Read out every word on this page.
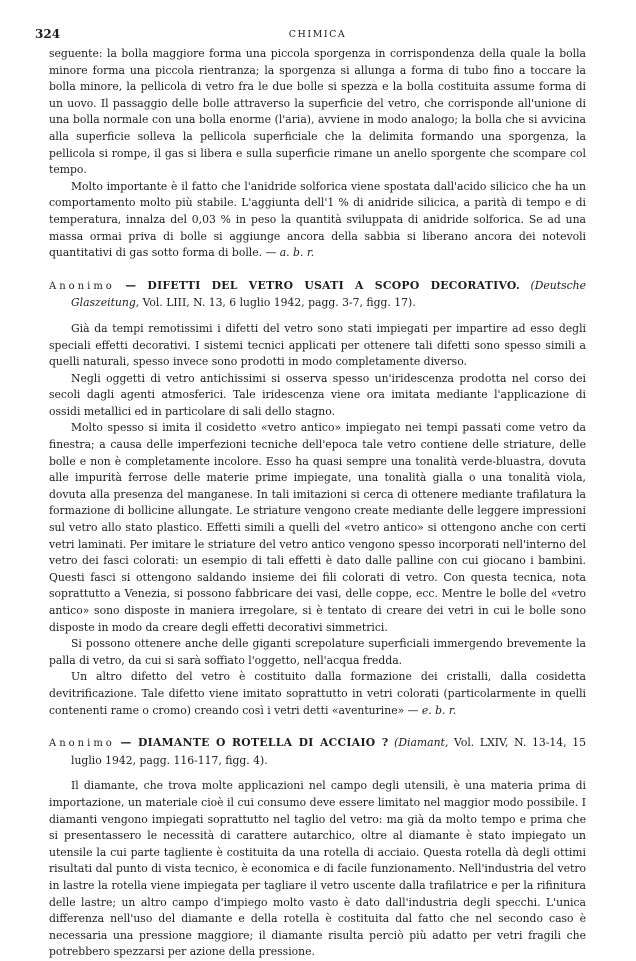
324	CHIMICA

seguente: la bolla maggiore forma una piccola sporgenza in corrispondenza della quale la bolla minore forma una piccola rientranza; la sporgenza si allunga a forma di tubo fino a toccare la bolla minore, la pellicola di vetro fra le due bolle si spezza e la bolla costituita assume forma di un uovo. Il passaggio delle bolle attraverso la superficie del vetro, che corrisponde all'unione di una bolla normale con una bolla enorme (l'aria), avviene in modo analogo; la bolla che si avvicina alla superficie solleva la pellicola superficiale che la delimita formando una sporgenza, la pellicola si rompe, il gas si libera e sulla superficie rimane un anello sporgente che scompare col tempo.

Molto importante è il fatto che l'anidride solforica viene spostata dall'acido silicico che ha un comportamento molto più stabile. L'aggiunta dell'1 % di anidride silicica, a parità di tempo e di temperatura, innalza del 0,03 % in peso la quantità sviluppata di anidride solforica. Se ad una massa ormai priva di bolle si aggiunge ancora della sabbia si liberano ancora dei notevoli quantitativi di gas sotto forma di bolle. — a. b. r.

Anonimo — DIFETTI DEL VETRO USATI A SCOPO DECORATIVO. (Deutsche Glaszeitung, Vol. LIII, N. 13, 6 luglio 1942, pagg. 3-7, figg. 17).

Già da tempi remotissimi i difetti del vetro sono stati impiegati per impartire ad esso degli speciali effetti decorativi. I sistemi tecnici applicati per ottenere tali difetti sono spesso simili a quelli naturali, spesso invece sono prodotti in modo completamente diverso.

Negli oggetti di vetro antichissimi si osserva spesso un'iridescenza prodotta nel corso dei secoli dagli agenti atmosferici. Tale iridescenza viene ora imitata mediante l'applicazione di ossidi metallici ed in particolare di sali dello stagno.

Molto spesso si imita il cosidetto «vetro antico» impiegato nei tempi passati come vetro da finestra; a causa delle imperfezioni tecniche dell'epoca tale vetro contiene delle striature, delle bolle e non è completamente incolore. Esso ha quasi sempre una tonalità verde-bluastra, dovuta alle impurità ferrose delle materie prime impiegate, una tonalità gialla o una tonalità viola, dovuta alla presenza del manganese. In tali imitazioni si cerca di ottenere mediante trafilatura la formazione di bollicine allungate. Le striature vengono create mediante delle leggere impressioni sul vetro allo stato plastico. Effetti simili a quelli del «vetro antico» si ottengono anche con certi vetri laminati. Per imitare le striature del vetro antico vengono spesso incorporati nell'interno del vetro dei fasci colorati: un esempio di tali effetti è dato dalle palline con cui giocano i bambini. Questi fasci si ottengono saldando insieme dei fili colorati di vetro. Con questa tecnica, nota soprattutto a Venezia, si possono fabbricare dei vasi, delle coppe, ecc. Mentre le bolle del «vetro antico» sono disposte in maniera irregolare, si è tentato di creare dei vetri in cui le bolle sono disposte in modo da creare degli effetti decorativi simmetrici.

Si possono ottenere anche delle giganti screpolature superficiali immergendo brevemente la palla di vetro, da cui si sarà soffiato l'oggetto, nell'acqua fredda.

Un altro difetto del vetro è costituito dalla formazione dei cristalli, dalla cosidetta devitrificazione. Tale difetto viene imitato soprattutto in vetri colorati (particolarmente in quelli contenenti rame o cromo) creando così i vetri detti «aventurine» — e. b. r.

Anonimo — DIAMANTE O ROTELLA DI ACCIAIO ? (Diamant, Vol. LXIV, N. 13-14, 15 luglio 1942, pagg. 116-117, figg. 4).

Il diamante, che trova molte applicazioni nel campo degli utensili, è una materia prima di importazione, un materiale cioè il cui consumo deve essere limitato nel maggior modo possibile. I diamanti vengono impiegati soprattutto nel taglio del vetro: ma già da molto tempo e prima che si presentassero le necessità di carattere autarchico, oltre al diamante è stato impiegato un utensile la cui parte tagliente è costituita da una rotella di acciaio. Questa rotella dà degli ottimi risultati dal punto di vista tecnico, è economica e di facile funzionamento. Nell'industria del vetro in lastre la rotella viene impiegata per tagliare il vetro uscente dalla trafilatrice e per la rifinitura delle lastre; un altro campo d'impiego molto vasto è dato dall'industria degli specchi. L'unica differenza nell'uso del diamante e della rotella è costituita dal fatto che nel secondo caso è necessaria una pressione maggiore; il diamante risulta perciò più adatto per vetri fragili che potrebbero spezzarsi per azione della pressione.
